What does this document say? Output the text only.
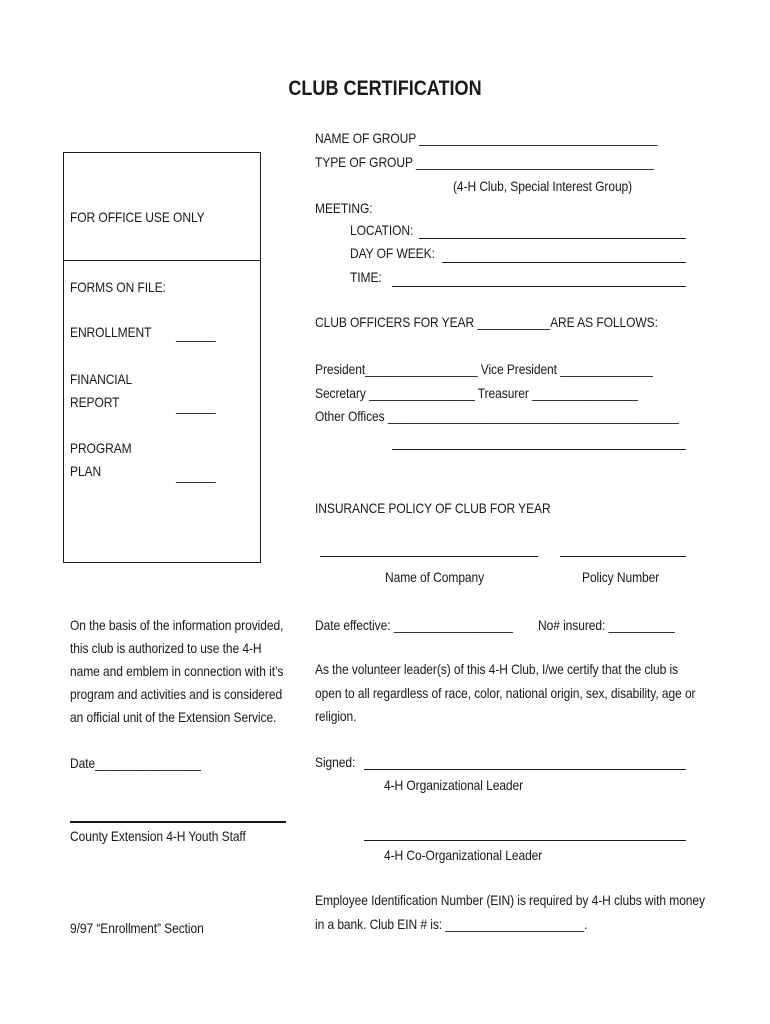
CLUB CERTIFICATION
FOR OFFICE USE ONLY
FORMS ON FILE:
ENROLLMENT ______
FINANCIAL
REPORT	______
PROGRAM
PLAN	______
NAME OF GROUP ____________________________________
TYPE OF GROUP ____________________________________
(4-H Club, Special Interest Group)
MEETING:
LOCATION:
DAY OF WEEK:
TIME:
CLUB OFFICERS FOR YEAR ___________ARE AS FOLLOWS:
President_________________ Vice President ______________
Secretary ________________ Treasurer ________________
Other Offices ____________________________________________
INSURANCE POLICY OF CLUB FOR YEAR
Name of Company	Policy Number
Date effective: __________________ No# insured: __________
On the basis of the information provided,
this club is authorized to use the 4-H
name and emblem in connection with it’s
program and activities and is considered
an official unit of the Extension Service.
Date________________
County Extension 4-H Youth Staff
9/97 “Enrollment” Section
As the volunteer leader(s) of this 4-H Club, I/we certify that the club is
open to all regardless of race, color, national origin, sex, disability, age or
religion.
Signed:
4-H Organizational Leader
4-H Co-Organizational Leader
Employee Identification Number (EIN) is required by 4-H clubs with money
in a bank. Club EIN # is: _____________________.
